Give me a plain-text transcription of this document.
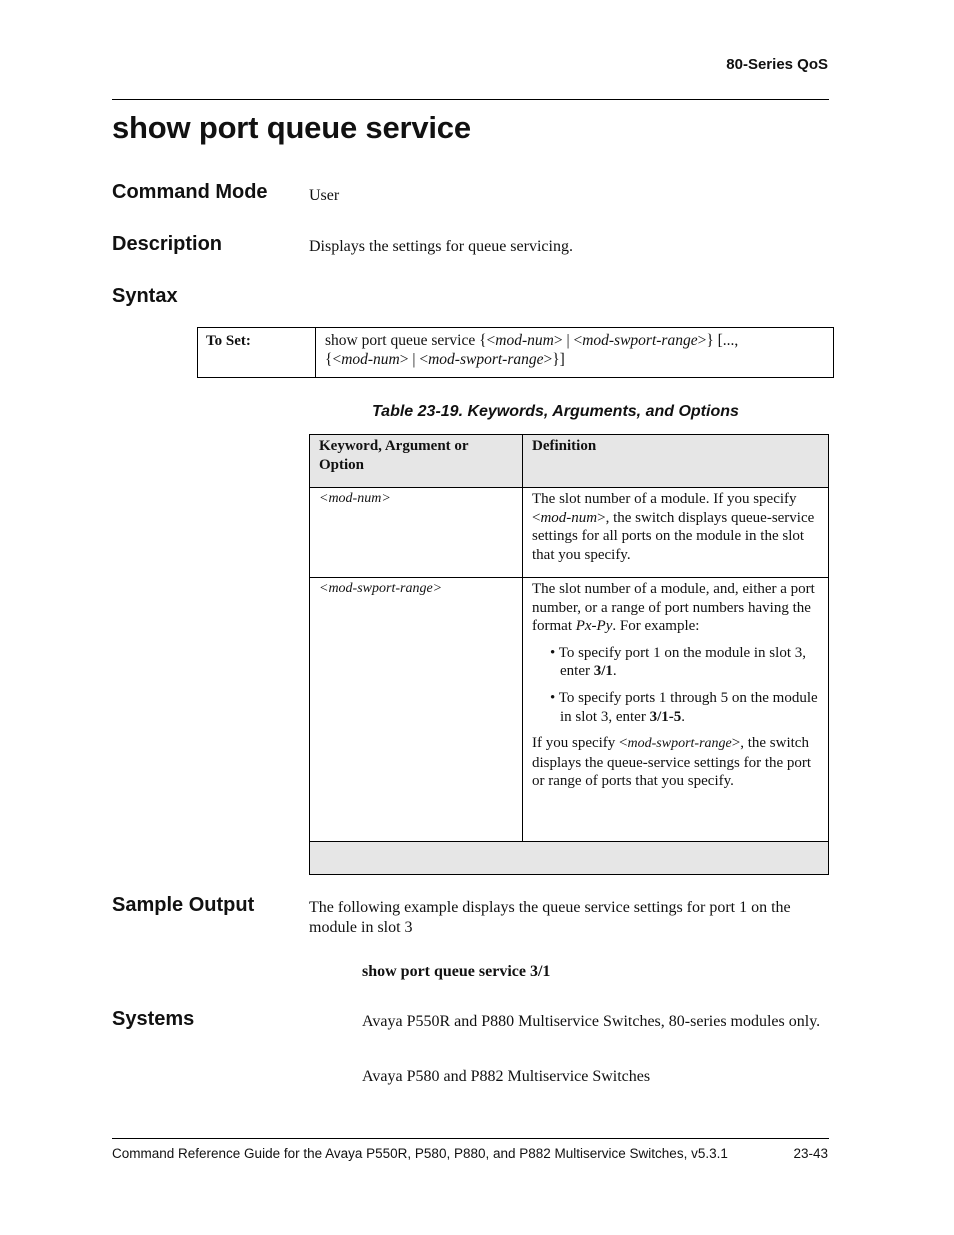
80-Series QoS
show port queue service
Command Mode	User
Description	Displays the settings for queue servicing.
Syntax
To Set:	show port queue service {<mod-num> | <mod-swport-range>} [...,
{<mod-num> | <mod-swport-range>}]
Table 23-19. Keywords, Arguments, and Options
Keyword, Argument or Option	Definition

<mod-num>	The slot number of a module. If you specify <mod-num>, the switch displays queue-service settings for all ports on the module in the slot that you specify.

<mod-swport-range>	The slot number of a module, and, either a port number, or a range of port numbers having the format Px-Py. For example:
• To specify port 1 on the module in slot 3, enter 3/1.
• To specify ports 1 through 5 on the module in slot 3, enter 3/1-5.
If you specify <mod-swport-range>, the switch displays the queue-service settings for the port or range of ports that you specify.

Sample Output	The following example displays the queue service settings for port 1 on the module in slot 3
show port queue service 3/1
Systems	Avaya P550R and P880 Multiservice Switches, 80-series modules only.
Avaya P580 and P882 Multiservice Switches
Command Reference Guide for the Avaya P550R, P580, P880, and P882 Multiservice Switches, v5.3.1	23-43
